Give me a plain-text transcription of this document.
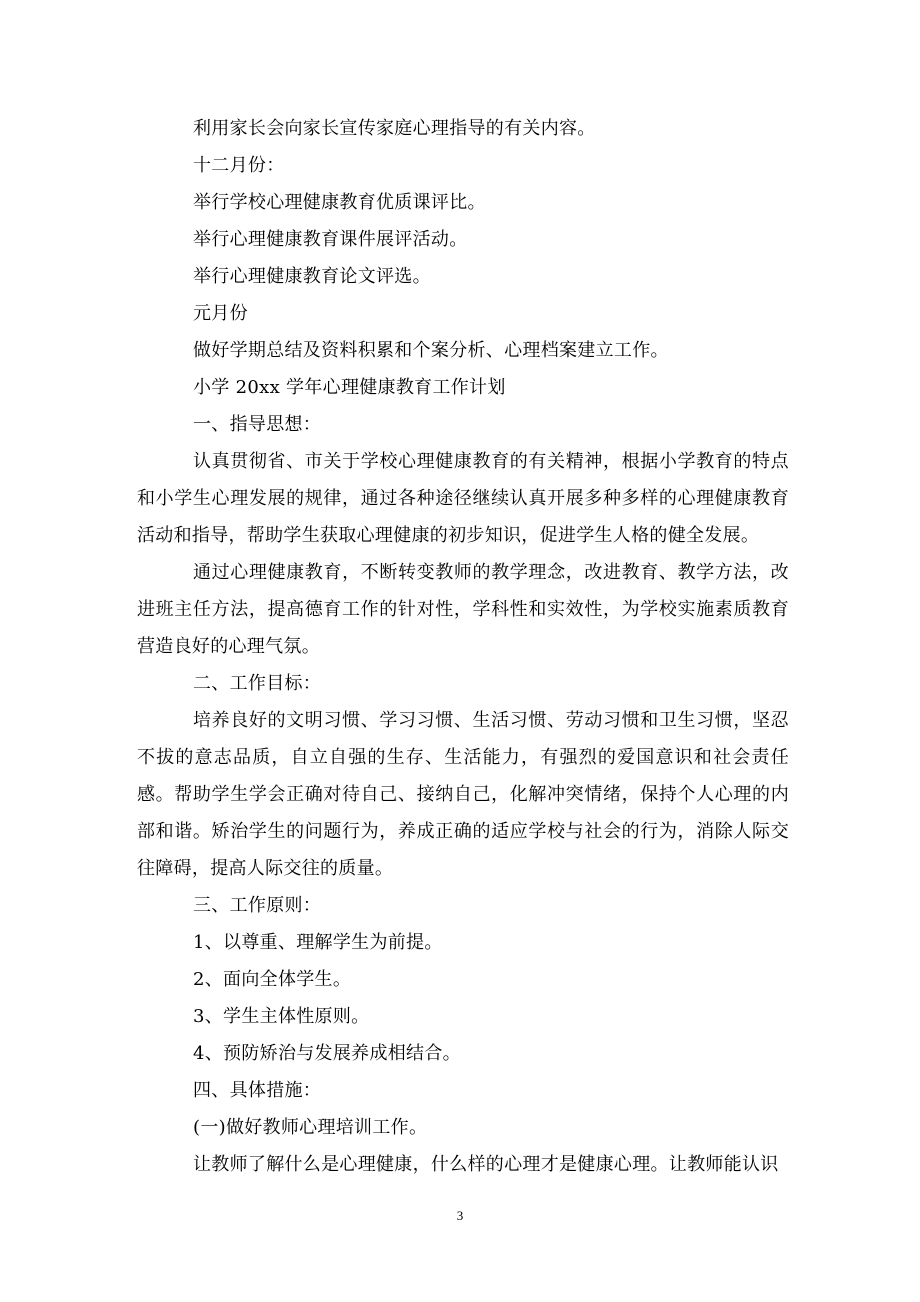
利用家长会向家长宣传家庭心理指导的有关内容。

十二月份：

举行学校心理健康教育优质课评比。

举行心理健康教育课件展评活动。

举行心理健康教育论文评选。

元月份

做好学期总结及资料积累和个案分析、心理档案建立工作。

小学 20xx 学年心理健康教育工作计划

一、指导思想：

认真贯彻省、市关于学校心理健康教育的有关精神，根据小学教育的特点和小学生心理发展的规律，通过各种途径继续认真开展多种多样的心理健康教育活动和指导，帮助学生获取心理健康的初步知识，促进学生人格的健全发展。

通过心理健康教育，不断转变教师的教学理念，改进教育、教学方法，改进班主任方法，提高德育工作的针对性，学科性和实效性，为学校实施素质教育营造良好的心理气氛。

二、工作目标：

培养良好的文明习惯、学习习惯、生活习惯、劳动习惯和卫生习惯，坚忍不拔的意志品质，自立自强的生存、生活能力，有强烈的爱国意识和社会责任感。帮助学生学会正确对待自己、接纳自己，化解冲突情绪，保持个人心理的内部和谐。矫治学生的问题行为，养成正确的适应学校与社会的行为，消除人际交往障碍，提高人际交往的质量。

三、工作原则：

1、以尊重、理解学生为前提。

2、面向全体学生。

3、学生主体性原则。

4、预防矫治与发展养成相结合。

四、具体措施：

(一)做好教师心理培训工作。

让教师了解什么是心理健康，什么样的心理才是健康心理。让教师能认识

3
